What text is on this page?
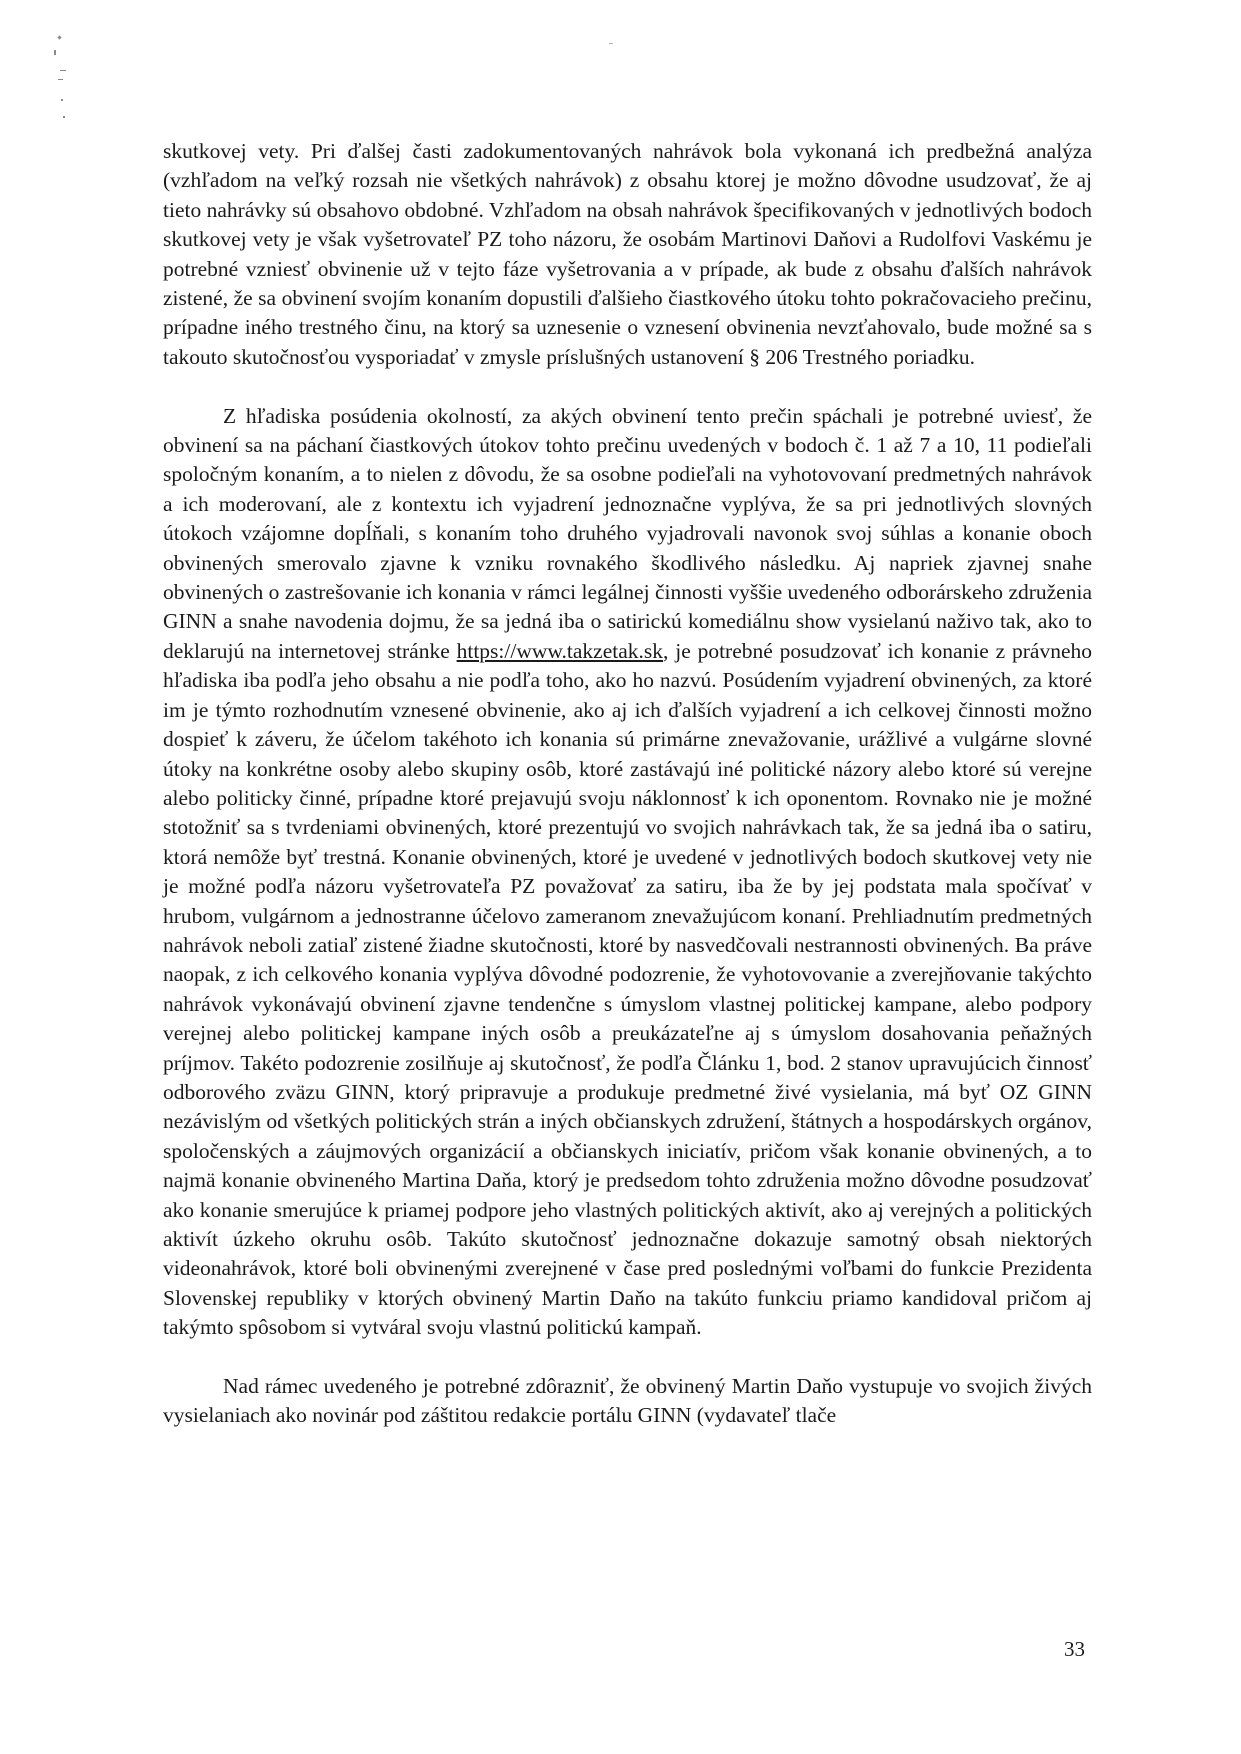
skutkovej vety. Pri ďalšej časti zadokumentovaných nahrávok bola vykonaná ich predbežná analýza (vzhľadom na veľký rozsah nie všetkých nahrávok) z obsahu ktorej je možno dôvodne usudzovať, že aj tieto nahrávky sú obsahovo obdobné. Vzhľadom na obsah nahrávok špecifikovaných v jednotlivých bodoch skutkovej vety je však vyšetrovateľ PZ toho názoru, že osobám Martinovi Daňovi a Rudolfovi Vaskému je potrebné vzniesť obvinenie už v tejto fáze vyšetrovania a v prípade, ak bude z obsahu ďalších nahrávok zistené, že sa obvinení svojím konaním dopustili ďalšieho čiastkového útoku tohto pokračovacieho prečinu, prípadne iného trestného činu, na ktorý sa uznesenie o vznesení obvinenia nevzťahovalo, bude možné sa s takouto skutočnosťou vysporiadať v zmysle príslušných ustanovení § 206 Trestného poriadku.

Z hľadiska posúdenia okolností, za akých obvinení tento prečin spáchali je potrebné uviesť, že obvinení sa na páchaní čiastkových útokov tohto prečinu uvedených v bodoch č. 1 až 7 a 10, 11 podieľali spoločným konaním, a to nielen z dôvodu, že sa osobne podieľali na vyhotovovaní predmetných nahrávok a ich moderovaní, ale z kontextu ich vyjadrení jednoznačne vyplýva, že sa pri jednotlivých slovných útokoch vzájomne dopĺňali, s konaním toho druhého vyjadrovali navonok svoj súhlas a konanie oboch obvinených smerovalo zjavne k vzniku rovnakého škodlivého následku. Aj napriek zjavnej snahe obvinených o zastrešovanie ich konania v rámci legálnej činnosti vyššie uvedeného odborárskeho združenia GINN a snahe navodenia dojmu, že sa jedná iba o satirickú komediálnu show vysielanú naživo tak, ako to deklarujú na internetovej stránke https://www.takzetak.sk, je potrebné posudzovať ich konanie z právneho hľadiska iba podľa jeho obsahu a nie podľa toho, ako ho nazvú. Posúdením vyjadrení obvinených, za ktoré im je týmto rozhodnutím vznesené obvinenie, ako aj ich ďalších vyjadrení a ich celkovej činnosti možno dospieť k záveru, že účelom takéhoto ich konania sú primárne znevažovanie, urážlivé a vulgárne slovné útoky na konkrétne osoby alebo skupiny osôb, ktoré zastávajú iné politické názory alebo ktoré sú verejne alebo politicky činné, prípadne ktoré prejavujú svoju náklonnosť k ich oponentom. Rovnako nie je možné stotožniť sa s tvrdeniami obvinených, ktoré prezentujú vo svojich nahrávkach tak, že sa jedná iba o satiru, ktorá nemôže byť trestná. Konanie obvinených, ktoré je uvedené v jednotlivých bodoch skutkovej vety nie je možné podľa názoru vyšetrovateľa PZ považovať za satiru, iba že by jej podstata mala spočívať v hrubom, vulgárnom a jednostranne účelovo zameranom znevažujúcom konaní. Prehliadnutím predmetných nahrávok neboli zatiaľ zistené žiadne skutočnosti, ktoré by nasvedčovali nestrannosti obvinených. Ba práve naopak, z ich celkového konania vyplýva dôvodné podozrenie, že vyhotovovanie a zverejňovanie takýchto nahrávok vykonávajú obvinení zjavne tendenčne s úmyslom vlastnej politickej kampane, alebo podpory verejnej alebo politickej kampane iných osôb a preukázateľne aj s úmyslom dosahovania peňažných príjmov. Takéto podozrenie zosilňuje aj skutočnosť, že podľa Článku 1, bod. 2 stanov upravujúcich činnosť odborového zväzu GINN, ktorý pripravuje a produkuje predmetné živé vysielania, má byť OZ GINN nezávislým od všetkých politických strán a iných občianskych združení, štátnych a hospodárskych orgánov, spoločenských a záujmových organizácií a občianskych iniciatív, pričom však konanie obvinených, a to najmä konanie obvineného Martina Daňa, ktorý je predsedom tohto združenia možno dôvodne posudzovať ako konanie smerujúce k priamej podpore jeho vlastných politických aktivít, ako aj verejných a politických aktivít úzkeho okruhu osôb. Takúto skutočnosť jednoznačne dokazuje samotný obsah niektorých videonahrávok, ktoré boli obvinenými zverejnené v čase pred poslednými voľbami do funkcie Prezidenta Slovenskej republiky v ktorých obvinený Martin Daňo na takúto funkciu priamo kandidoval pričom aj takýmto spôsobom si vytváral svoju vlastnú politickú kampaň.

Nad rámec uvedeného je potrebné zdôrazniť, že obvinený Martin Daňo vystupuje vo svojich živých vysielaniach ako novinár pod záštitou redakcie portálu GINN (vydavateľ tlače

33
